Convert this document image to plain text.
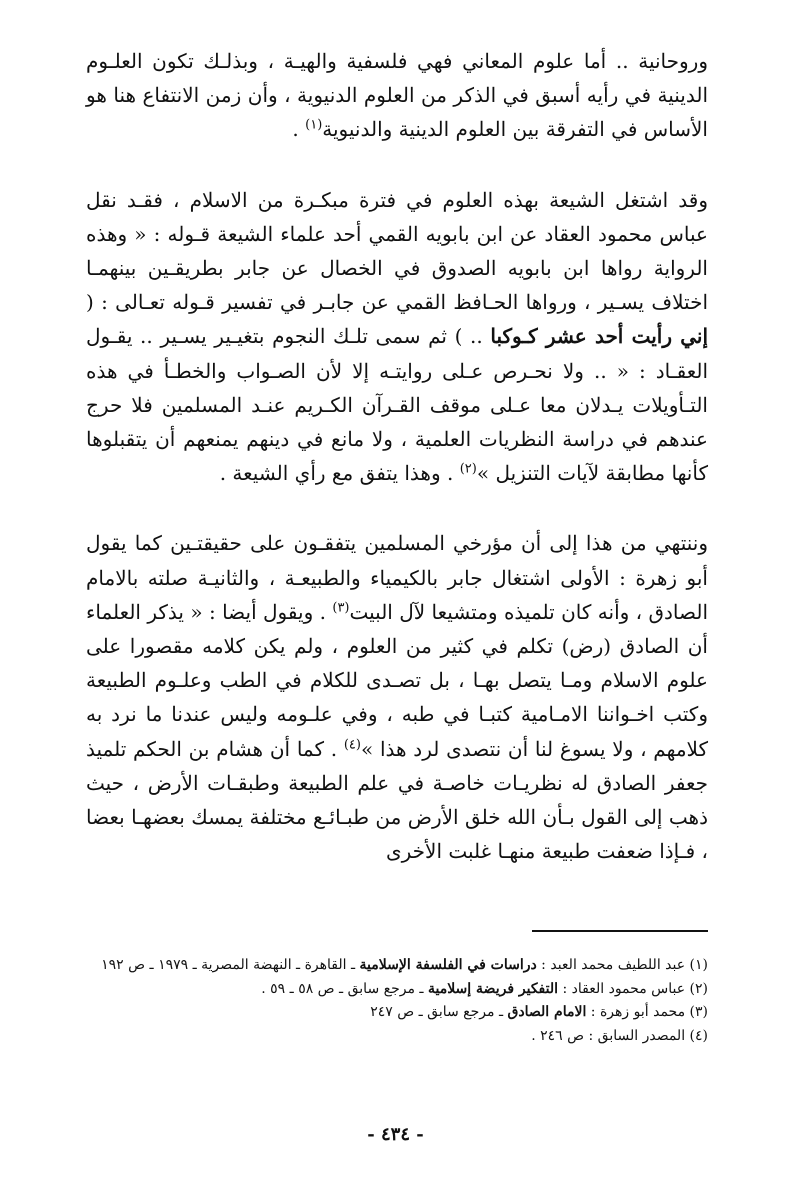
وروحانية .. أما علوم المعاني فهي فلسفية والهيـة ، وبذلـك تكون العلـوم الدينية في رأيه أسبق في الذكر من العلوم الدنيوية ، وأن زمن الانتفاع هنا هو الأساس في التفرقة بين العلوم الدينية والدنيوية$^{(١)}$ .

وقد اشتغل الشيعة بهذه العلوم في فترة مبكـرة من الاسلام ، فقـد نقل عباس محمود العقاد عن ابن بابويه القمي أحد علماء الشيعة قـوله : « وهذه الرواية رواها ابن بابويه الصدوق في الخصال عن جابر بطريقـين بينهمـا اختلاف يسـير ، ورواها الحـافظ القمي عن جابـر في تفسير قـوله تعـالى : ( إني رأيت أحد عشر كـوكبا .. ) ثم سمى تلـك النجوم بتغيـير يسـير .. يقـول العقـاد : « .. ولا نحـرص عـلى روايتـه إلا لأن الصـواب والخطـأ في هذه التـأويلات يـدلان معا عـلى موقف القـرآن الكـريم عنـد المسلمين فلا حرج عندهم في دراسة النظريات العلمية ، ولا مانع في دينهم يمنعهم أن يتقبلوها كأنها مطابقة لآيات التنزيل »$^{(٢)}$ . وهذا يتفق مع رأي الشيعة .

وننتهي من هذا إلى أن مؤرخي المسلمين يتفقـون على حقيقتـين كما يقول أبو زهرة : الأولى اشتغال جابر بالكيمياء والطبيعـة ، والثانيـة صلته بالامام الصادق ، وأنه كان تلميذه ومتشيعا لآل البيت$^{(٣)}$ . ويقول أيضا : « يذكر العلماء أن الصادق (رض) تكلم في كثير من العلوم ، ولم يكن كلامه مقصورا على علوم الاسلام ومـا يتصل بهـا ، بل تصـدى للكلام في الطب وعلـوم الطبيعة وكتب اخـواننا الامـامية كتبـا في طبه ، وفي علـومه وليس عندنا ما نرد به كلامهم ، ولا يسوغ لنا أن نتصدى لرد هذا »$^{(٤)}$ . كما أن هشام بن الحكم تلميذ جعفر الصادق له نظريـات خاصـة في علم الطبيعة وطبقـات الأرض ، حيث ذهب إلى القول بـأن الله خلق الأرض من طبـائـع مختلفة يمسك بعضهـا بعضا ، فـإذا ضعفت طبيعة منهـا غلبت الأخرى

(١) عبد اللطيف محمد العبد : دراسات في الفلسفة الإسلامية ـ القاهرة ـ النهضة المصرية ـ ١٩٧٩ ـ ص ١٩٢

(٢) عباس محمود العقاد : التفكير فريضة إسلامية ـ مرجع سابق ـ ص ٥٨ ـ ٥٩ .

(٣) محمد أبو زهرة : الامام الصادق ـ مرجع سابق ـ ص ٢٤٧

(٤) المصدر السابق : ص ٢٤٦ .

- ٤٣٤ -
